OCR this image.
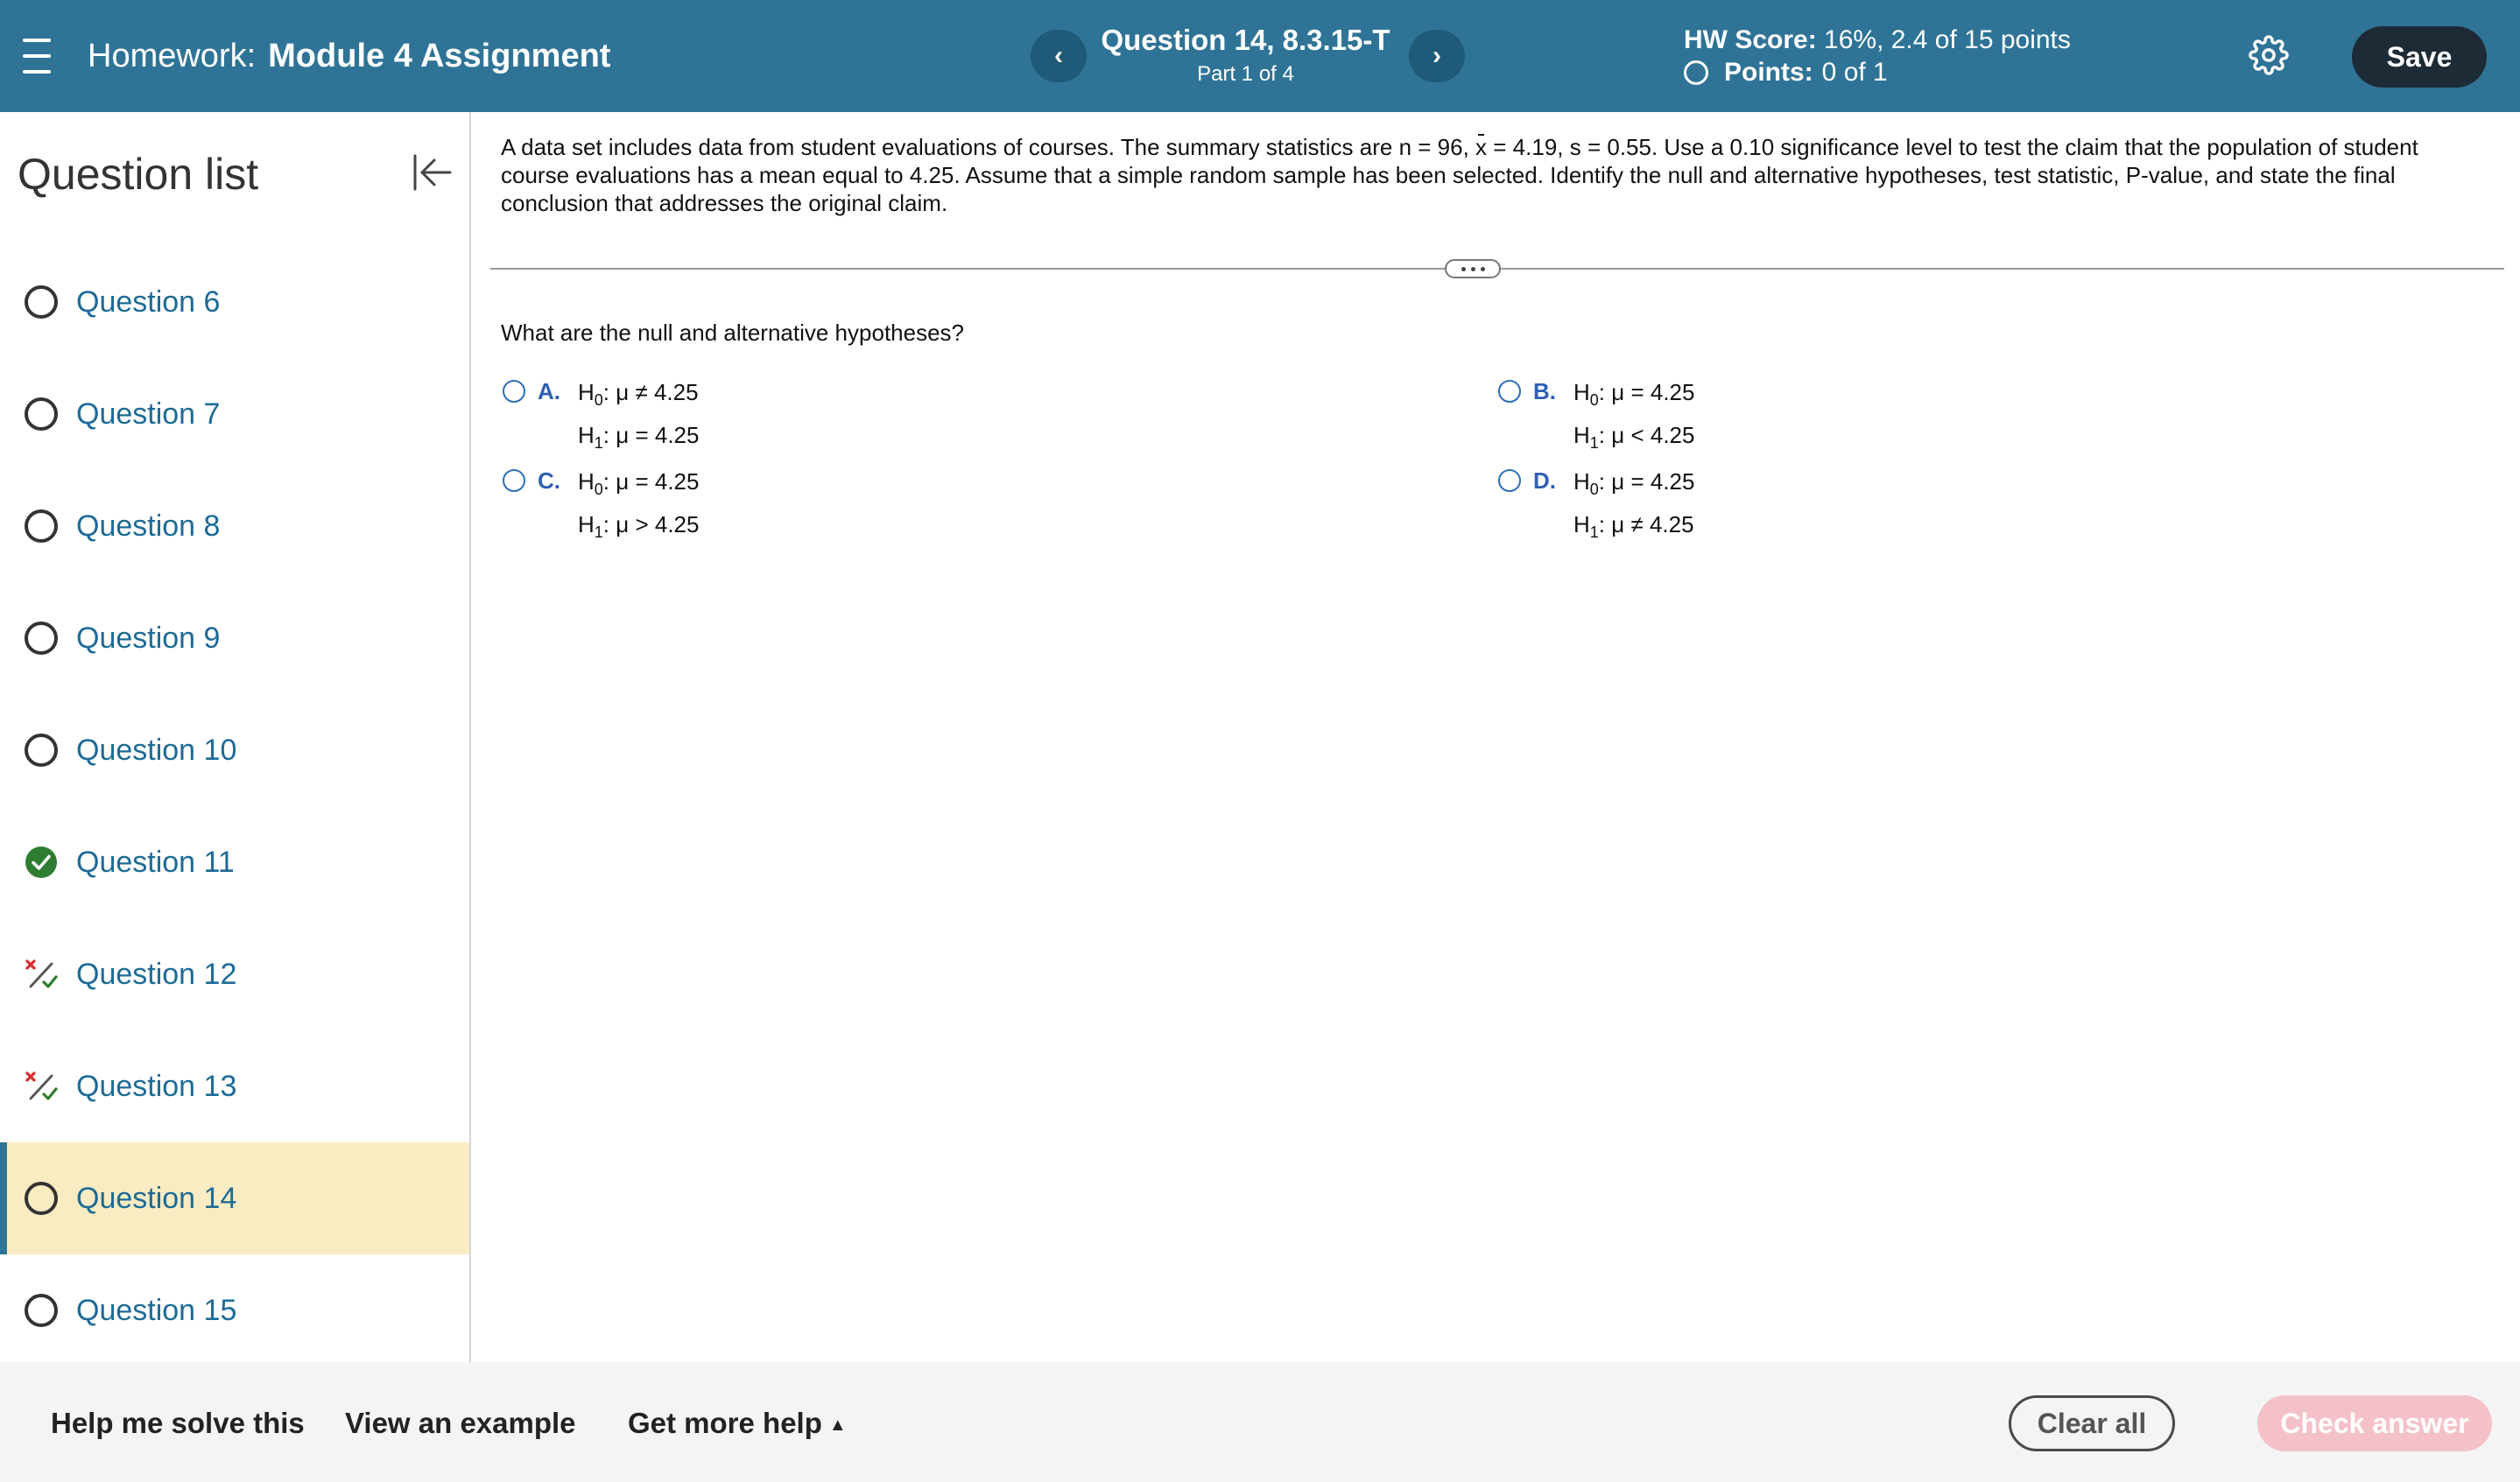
Homework: Module 4 Assignment	‹	Question 14, 8.3.15-T
Part 1 of 4
›
HW Score: 16%, 2.4 of 15 points
Points: 0 of 1	Save
Question list
Question 6
Question 7
Question 8
Question 9
Question 10
Question 11
Question 12
Question 13
Question 14
Question 15
A data set includes data from student evaluations of courses. The summary statistics are n = 96, x = 4.19, s = 0.55. Use a 0.10 significance level to test the claim that the population of student course evaluations has a mean equal to 4.25. Assume that a simple random sample has been selected. Identify the null and alternative hypotheses, test statistic, P-value, and state the final conclusion that addresses the original claim.
What are the null and alternative hypotheses?
A. $H_0$: μ ≠ 4.25
$H_1$: μ = 4.25
B. $H_0$: μ = 4.25
$H_1$: μ < 4.25
C. $H_0$: μ = 4.25
$H_1$: μ > 4.25
D. $H_0$: μ = 4.25
$H_1$: μ ≠ 4.25
Help me solve this View an example Get more help ▲	Clear all	Check answer
